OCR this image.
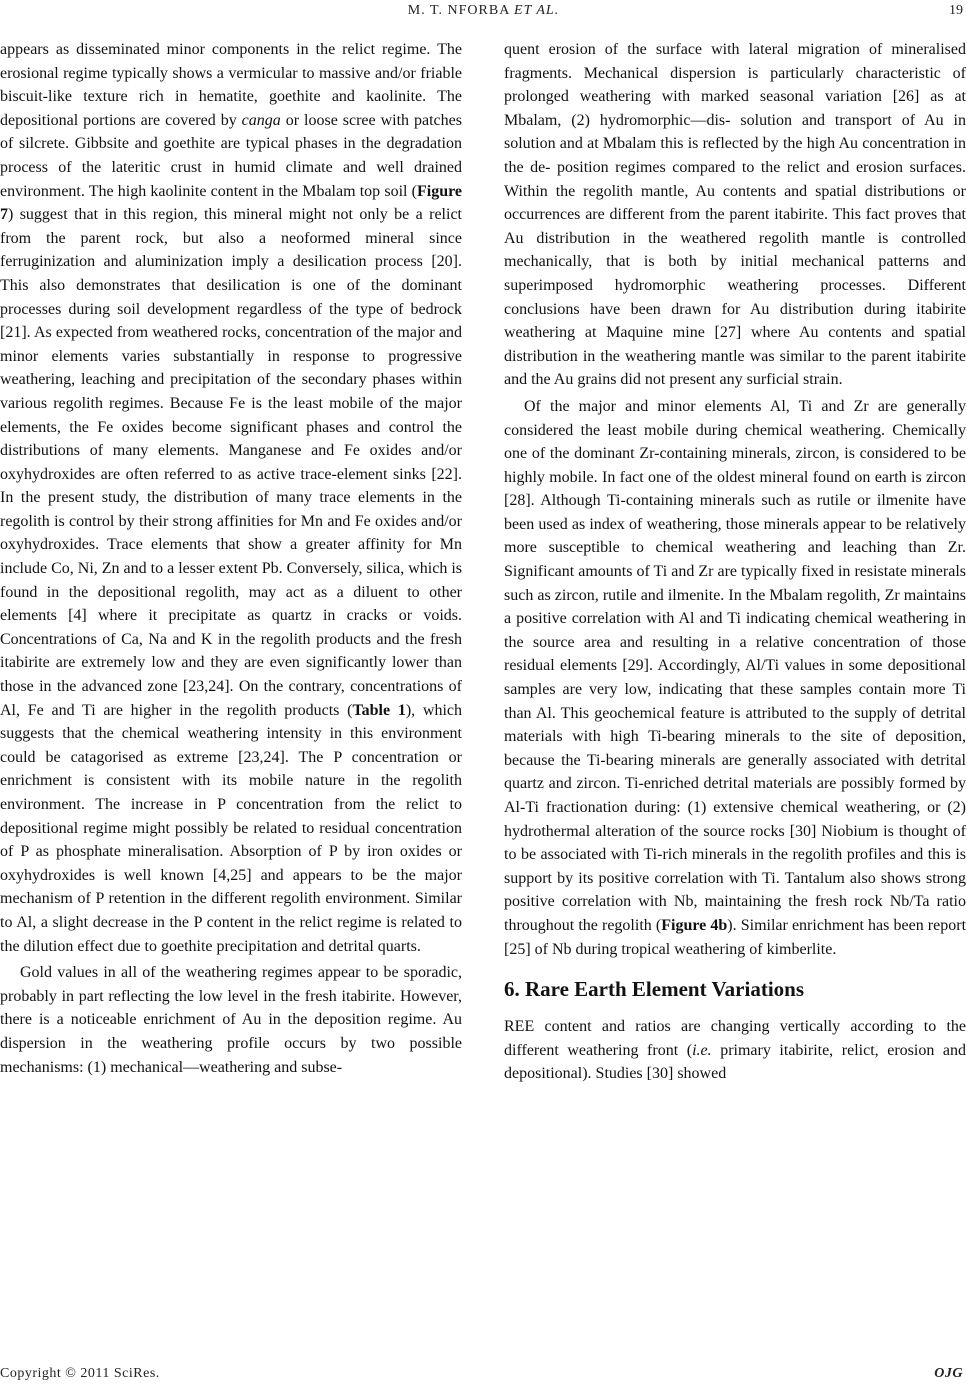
M. T. NFORBA ET AL.	19

appears as disseminated minor components in the relict regime. The erosional regime typically shows a vermicular to massive and/or friable biscuit-like texture rich in hematite, goethite and kaolinite. The depositional portions are covered by canga or loose scree with patches of silcrete. Gibbsite and goethite are typical phases in the degradation process of the lateritic crust in humid climate and well drained environment. The high kaolinite content in the Mbalam top soil (Figure 7) suggest that in this region, this mineral might not only be a relict from the parent rock, but also a neoformed mineral since ferruginization and aluminization imply a desilication process [20]. This also demonstrates that desilication is one of the dominant processes during soil development regardless of the type of bedrock [21]. As expected from weathered rocks, concentration of the major and minor elements varies substantially in response to progressive weathering, leaching and precipitation of the secondary phases within various regolith regimes. Because Fe is the least mobile of the major elements, the Fe oxides become significant phases and control the distributions of many elements. Manganese and Fe oxides and/or oxyhydroxides are often referred to as active trace-element sinks [22]. In the present study, the distribution of many trace elements in the regolith is control by their strong affinities for Mn and Fe oxides and/or oxyhydroxides. Trace elements that show a greater affinity for Mn include Co, Ni, Zn and to a lesser extent Pb. Conversely, silica, which is found in the depositional regolith, may act as a diluent to other elements [4] where it precipitate as quartz in cracks or voids. Concentrations of Ca, Na and K in the regolith products and the fresh itabirite are extremely low and they are even significantly lower than those in the advanced zone [23,24]. On the contrary, concentrations of Al, Fe and Ti are higher in the regolith products (Table 1), which suggests that the chemical weathering intensity in this environment could be catagorised as extreme [23,24]. The P concentration or enrichment is consistent with its mobile nature in the regolith environment. The increase in P concentration from the relict to depositional regime might possibly be related to residual concentration of P as phosphate mineralisation. Absorption of P by iron oxides or oxyhydroxides is well known [4,25] and appears to be the major mechanism of P retention in the different regolith environment. Similar to Al, a slight decrease in the P content in the relict regime is related to the dilution effect due to goethite precipitation and detrital quarts.

Gold values in all of the weathering regimes appear to be sporadic, probably in part reflecting the low level in the fresh itabirite. However, there is a noticeable enrichment of Au in the deposition regime. Au dispersion in the weathering profile occurs by two possible mechanisms: (1) mechanical—weathering and subse-

quent erosion of the surface with lateral migration of mineralised fragments. Mechanical dispersion is particularly characteristic of prolonged weathering with marked seasonal variation [26] as at Mbalam, (2) hydromorphic—dis- solution and transport of Au in solution and at Mbalam this is reflected by the high Au concentration in the de- position regimes compared to the relict and erosion surfaces. Within the regolith mantle, Au contents and spatial distributions or occurrences are different from the parent itabirite. This fact proves that Au distribution in the weathered regolith mantle is controlled mechanically, that is both by initial mechanical patterns and superimposed hydromorphic weathering processes. Different conclusions have been drawn for Au distribution during itabirite weathering at Maquine mine [27] where Au contents and spatial distribution in the weathering mantle was similar to the parent itabirite and the Au grains did not present any surficial strain.

Of the major and minor elements Al, Ti and Zr are generally considered the least mobile during chemical weathering. Chemically one of the dominant Zr-containing minerals, zircon, is considered to be highly mobile. In fact one of the oldest mineral found on earth is zircon [28]. Although Ti-containing minerals such as rutile or ilmenite have been used as index of weathering, those minerals appear to be relatively more susceptible to chemical weathering and leaching than Zr. Significant amounts of Ti and Zr are typically fixed in resistate minerals such as zircon, rutile and ilmenite. In the Mbalam regolith, Zr maintains a positive correlation with Al and Ti indicating chemical weathering in the source area and resulting in a relative concentration of those residual elements [29]. Accordingly, Al/Ti values in some depositional samples are very low, indicating that these samples contain more Ti than Al. This geochemical feature is attributed to the supply of detrital materials with high Ti-bearing minerals to the site of deposition, because the Ti-bearing minerals are generally associated with detrital quartz and zircon. Ti-enriched detrital materials are possibly formed by Al-Ti fractionation during: (1) extensive chemical weathering, or (2) hydrothermal alteration of the source rocks [30] Niobium is thought of to be associated with Ti-rich minerals in the regolith profiles and this is support by its positive correlation with Ti. Tantalum also shows strong positive correlation with Nb, maintaining the fresh rock Nb/Ta ratio throughout the regolith (Figure 4b). Similar enrichment has been report [25] of Nb during tropical weathering of kimberlite.

6. Rare Earth Element Variations

REE content and ratios are changing vertically according to the different weathering front (i.e. primary itabirite, relict, erosion and depositional). Studies [30] showed

Copyright © 2011 SciRes.	OJG
